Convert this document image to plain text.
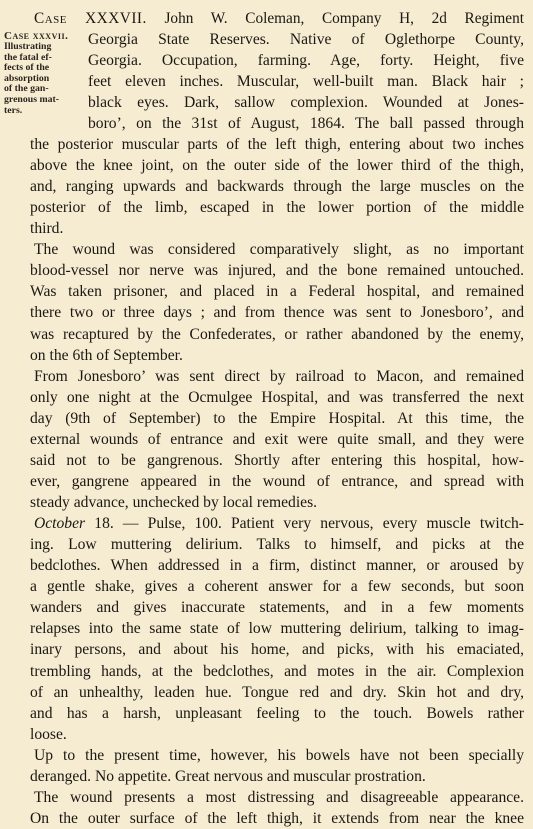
Case XXXVII. John W. Coleman, Company H, 2d Regiment
Case xxxvii.
Illustrating
the fatal ef-
fects of the
absorption
of the gan-
grenous mat-
ters.
Georgia State Reserves. Native of Oglethorpe County,
Georgia. Occupation, farming. Age, forty. Height, five
feet eleven inches. Muscular, well-built man. Black hair ;
black eyes. Dark, sallow complexion. Wounded at Jones-
boro’, on the 31st of August, 1864. The ball passed through
the posterior muscular parts of the left thigh, entering about two inches
above the knee joint, on the outer side of the lower third of the thigh,
and, ranging upwards and backwards through the large muscles on the
posterior of the limb, escaped in the lower portion of the middle
third.
The wound was considered comparatively slight, as no important
blood-vessel nor nerve was injured, and the bone remained untouched.
Was taken prisoner, and placed in a Federal hospital, and remained
there two or three days ; and from thence was sent to Jonesboro’, and
was recaptured by the Confederates, or rather abandoned by the enemy,
on the 6th of September.
From Jonesboro’ was sent direct by railroad to Macon, and remained
only one night at the Ocmulgee Hospital, and was transferred the next
day (9th of September) to the Empire Hospital. At this time, the
external wounds of entrance and exit were quite small, and they were
said not to be gangrenous. Shortly after entering this hospital, how-
ever, gangrene appeared in the wound of entrance, and spread with
steady advance, unchecked by local remedies.
October 18. — Pulse, 100. Patient very nervous, every muscle twitch-
ing. Low muttering delirium. Talks to himself, and picks at the
bedclothes. When addressed in a firm, distinct manner, or aroused by
a gentle shake, gives a coherent answer for a few seconds, but soon
wanders and gives inaccurate statements, and in a few moments
relapses into the same state of low muttering delirium, talking to imag-
inary persons, and about his home, and picks, with his emaciated,
trembling hands, at the bedclothes, and motes in the air. Complexion
of an unhealthy, leaden hue. Tongue red and dry. Skin hot and dry,
and has a harsh, unpleasant feeling to the touch. Bowels rather
loose.
Up to the present time, however, his bowels have not been specially
deranged. No appetite. Great nervous and muscular prostration.
The wound presents a most distressing and disagreeable appearance.
On the outer surface of the left thigh, it extends from near the knee
